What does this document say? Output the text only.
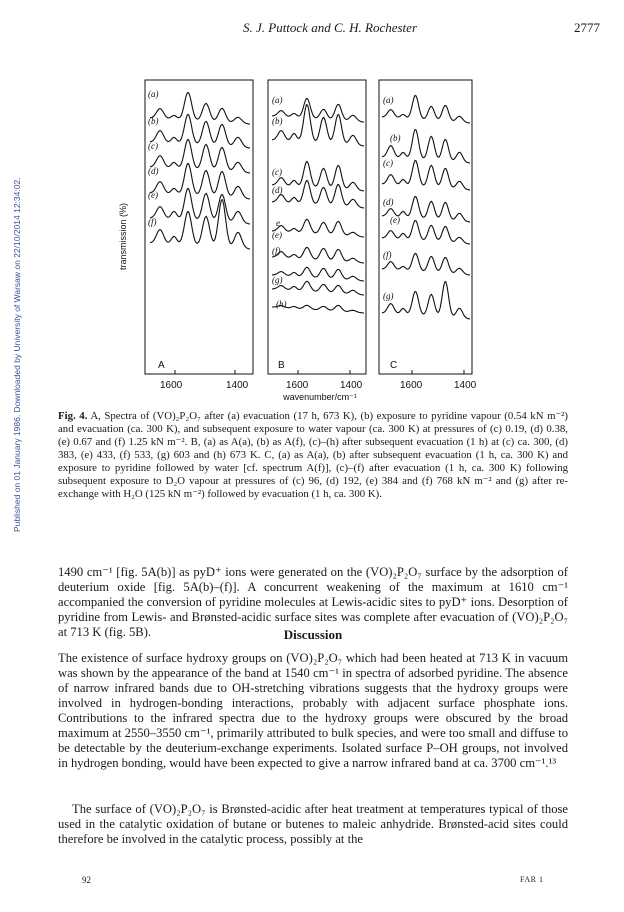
Published on 01 January 1986. Downloaded by University of Warsaw on 22/10/2014 12:34:02.
S. J. Puttock and C. H. Rochester	2777
(a)
(b)
(c)
(d)
(e)
(f)
A
1600	1400
(a)
(b)
(c)
(d)
e
(e)
(f)
(g)
(h)
B
1600	1400
(a)
(b)
(c)
(d)
(e)
(f)
(g)
C
1600	1400
transmission (%)
wavenumber/cm⁻¹
Fig. 4. A, Spectra of (VO)₂P₂O₇ after (a) evacuation (17 h, 673 K), (b) exposure to pyridine vapour (0.54 kN m⁻²) and evacuation (ca. 300 K), and subsequent exposure to water vapour (ca. 300 K) at pressures of (c) 0.19, (d) 0.38, (e) 0.67 and (f) 1.25 kN m⁻². B, (a) as A(a), (b) as A(f), (c)–(h) after subsequent evacuation (1 h) at (c) ca. 300, (d) 383, (e) 433, (f) 533, (g) 603 and (h) 673 K. C, (a) as A(a), (b) after subsequent evacuation (1 h, ca. 300 K) and exposure to pyridine followed by water [cf. spectrum A(f)], (c)–(f) after evacuation (1 h, ca. 300 K) following subsequent exposure to D₂O vapour at pressures of (c) 96, (d) 192, (e) 384 and (f) 768 kN m⁻² and (g) after re-exchange with H₂O (125 kN m⁻²) followed by evacuation (1 h, ca. 300 K).

1490 cm⁻¹ [fig. 5A(b)] as pyD⁺ ions were generated on the (VO)₂P₂O₇ surface by the adsorption of deuterium oxide [fig. 5A(b)–(f)]. A concurrent weakening of the maximum at 1610 cm⁻¹ accompanied the conversion of pyridine molecules at Lewis-acidic sites to pyD⁺ ions. Desorption of pyridine from Lewis- and Brønsted-acidic surface sites was complete after evacuation of (VO)₂P₂O₇ at 713 K (fig. 5B).	Discussion

The existence of surface hydroxy groups on (VO)₂P₂O₇ which had been heated at 713 K in vacuum was shown by the appearance of the band at 1540 cm⁻¹ in spectra of adsorbed pyridine. The absence of narrow infrared bands due to OH-stretching vibrations suggests that the hydroxy groups were involved in hydrogen-bonding interactions, probably with adjacent surface phosphate ions. Contributions to the infrared spectra due to the hydroxy groups were obscured by the broad maximum at 2550–3550 cm⁻¹, primarily attributed to bulk species, and were too small and diffuse to be detectable by the deuterium-exchange experiments. Isolated surface P–OH groups, not involved in hydrogen bonding, would have been expected to give a narrow infrared band at ca. 3700 cm⁻¹.¹³

The surface of (VO)₂P₂O₇ is Brønsted-acidic after heat treatment at temperatures typical of those used in the catalytic oxidation of butane or butenes to maleic anhydride. Brønsted-acid sites could therefore be involved in the catalytic process, possibly at the

92	FAR 1
